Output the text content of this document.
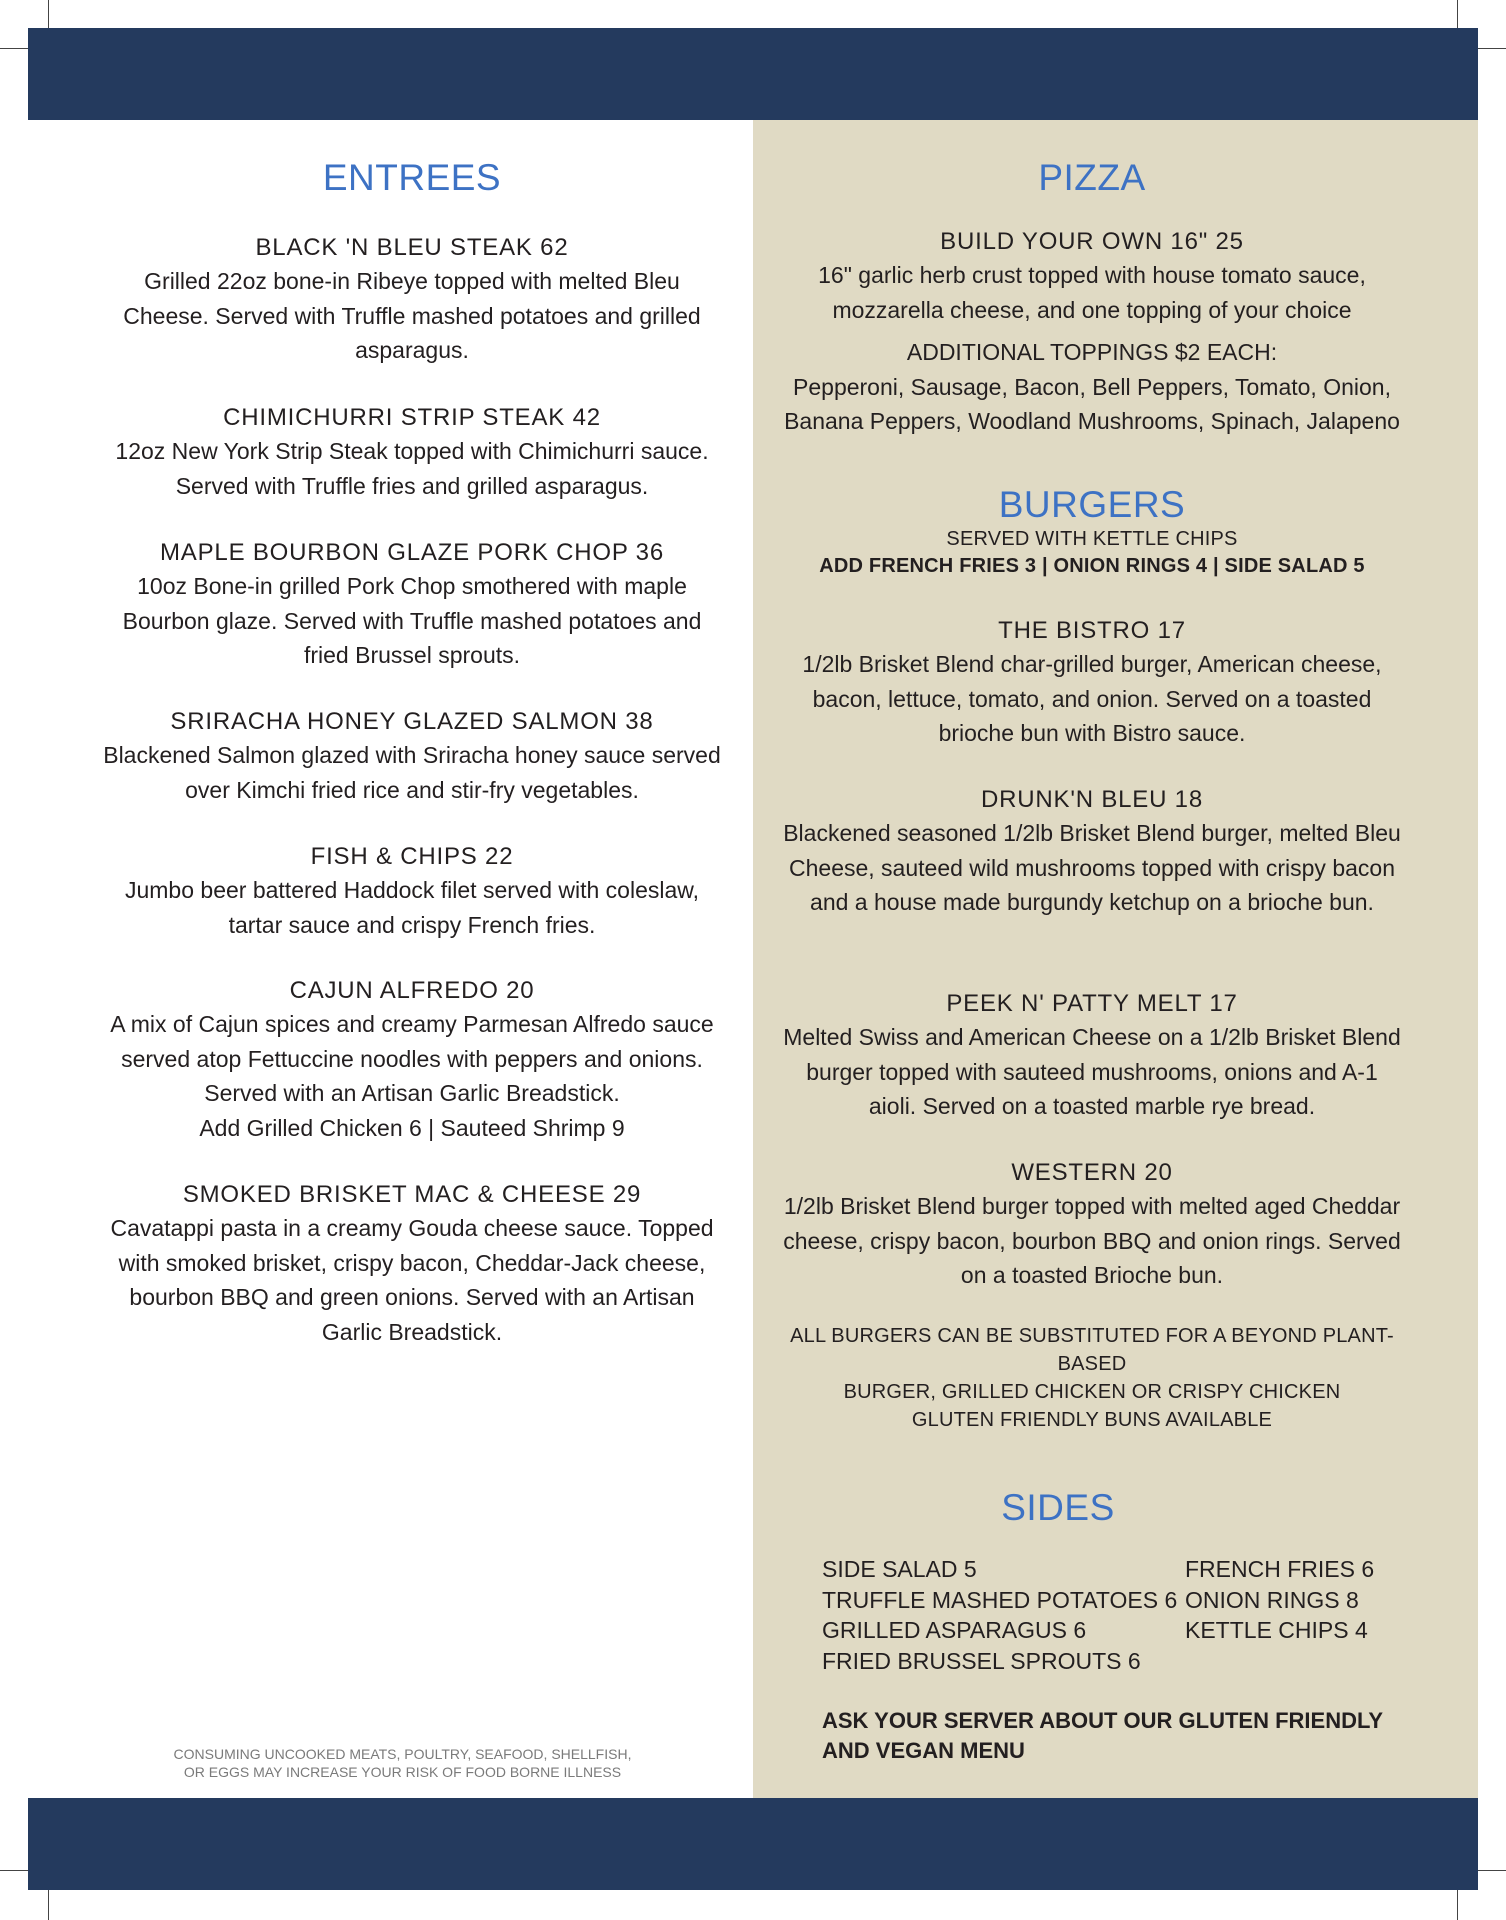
ENTREES
BLACK 'N BLEU STEAK 62
Grilled 22oz bone-in Ribeye topped with melted Bleu Cheese. Served with Truffle mashed potatoes and grilled asparagus.
CHIMICHURRI STRIP STEAK 42
12oz New York Strip Steak topped with Chimichurri sauce. Served with Truffle fries and grilled asparagus.
MAPLE BOURBON GLAZE PORK CHOP 36
10oz Bone-in grilled Pork Chop smothered with maple Bourbon glaze. Served with Truffle mashed potatoes and fried Brussel sprouts.
SRIRACHA HONEY GLAZED SALMON 38
Blackened Salmon glazed with Sriracha honey sauce served over Kimchi fried rice and stir-fry vegetables.
FISH & CHIPS 22
Jumbo beer battered Haddock filet served with coleslaw, tartar sauce and crispy French fries.
CAJUN ALFREDO 20
A mix of Cajun spices and creamy Parmesan Alfredo sauce served atop Fettuccine noodles with peppers and onions. Served with an Artisan Garlic Breadstick.
Add Grilled Chicken 6 | Sauteed Shrimp 9
SMOKED BRISKET MAC & CHEESE 29
Cavatappi pasta in a creamy Gouda cheese sauce. Topped with smoked brisket, crispy bacon, Cheddar-Jack cheese, bourbon BBQ and green onions. Served with an Artisan Garlic Breadstick.
PIZZA
BUILD YOUR OWN 16" 25
16" garlic herb crust topped with house tomato sauce, mozzarella cheese, and one topping of your choice
ADDITIONAL TOPPINGS $2 EACH:
Pepperoni, Sausage, Bacon, Bell Peppers, Tomato, Onion, Banana Peppers, Woodland Mushrooms, Spinach, Jalapeno
BURGERS
SERVED WITH KETTLE CHIPS
ADD FRENCH FRIES 3 | ONION RINGS 4 | SIDE SALAD 5
THE BISTRO 17
1/2lb Brisket Blend char-grilled burger, American cheese, bacon, lettuce, tomato, and onion. Served on a toasted brioche bun with Bistro sauce.
DRUNK'N BLEU 18
Blackened seasoned 1/2lb Brisket Blend burger, melted Bleu Cheese, sauteed wild mushrooms topped with crispy bacon and a house made burgundy ketchup on a brioche bun.
PEEK N' PATTY MELT 17
Melted Swiss and American Cheese on a 1/2lb Brisket Blend burger topped with sauteed mushrooms, onions and A-1 aioli. Served on a toasted marble rye bread.
WESTERN 20
1/2lb Brisket Blend burger topped with melted aged Cheddar cheese, crispy bacon, bourbon BBQ and onion rings. Served on a toasted Brioche bun.
ALL BURGERS CAN BE SUBSTITUTED FOR A BEYOND PLANT-BASED
BURGER, GRILLED CHICKEN OR CRISPY CHICKEN
GLUTEN FRIENDLY BUNS AVAILABLE
SIDES
SIDE SALAD 5
TRUFFLE MASHED POTATOES 6
GRILLED ASPARAGUS 6
FRIED BRUSSEL SPROUTS 6
FRENCH FRIES 6
ONION RINGS 8
KETTLE CHIPS 4
ASK YOUR SERVER ABOUT OUR GLUTEN FRIENDLY AND VEGAN MENU
CONSUMING UNCOOKED MEATS, POULTRY, SEAFOOD, SHELLFISH,
OR EGGS MAY INCREASE YOUR RISK OF FOOD BORNE ILLNESS
